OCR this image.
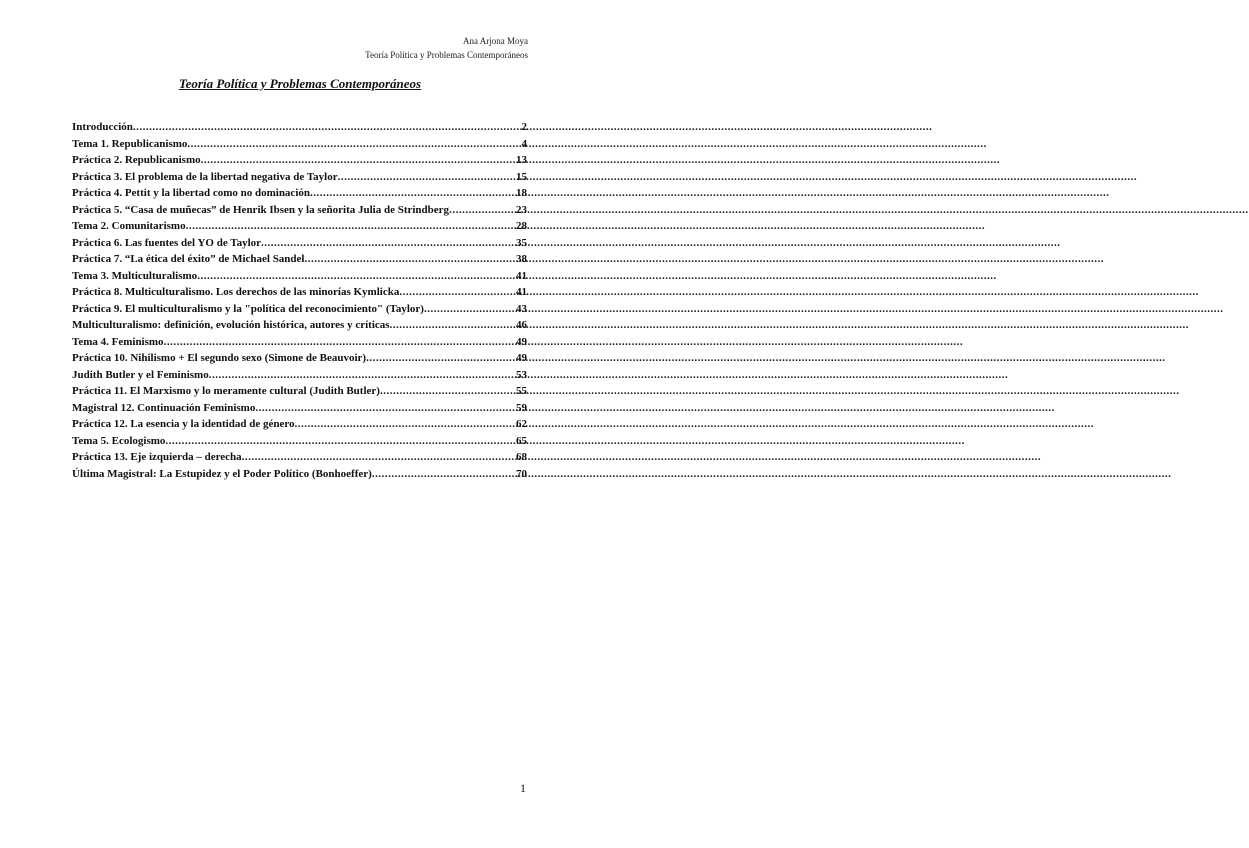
Ana Arjona Moya
Teoría Política y Problemas Contemporáneos
Teoría Política y Problemas Contemporáneos
Introducción .....	2
Tema 1. Republicanismo .....	4
Práctica 2. Republicanismo .....	13
Práctica 3. El problema de la libertad negativa de Taylor .....	15
Práctica 4. Pettit y la libertad como no dominación .....	18
Práctica 5. “Casa de muñecas” de Henrik Ibsen y la señorita Julia de Strindberg .....	23
Tema 2. Comunitarismo .....	28
Práctica 6. Las fuentes del YO de Taylor .....	35
Práctica 7. “La ética del éxito” de Michael Sandel .....	38
Tema 3. Multiculturalismo .....	41
Práctica 8. Multiculturalismo. Los derechos de las minorías Kymlicka .....	41
Práctica 9. El multiculturalismo y la "política del reconocimiento" (Taylor) .....	43
Multiculturalismo: definición, evolución histórica, autores y críticas .....	46
Tema 4. Feminismo .....	49
Práctica 10. Nihilismo + El segundo sexo (Simone de Beauvoir) .....	49
Judith Butler y el Feminismo .....	53
Práctica 11. El Marxismo y lo meramente cultural (Judith Butler) .....	55
Magistral 12. Continuación Feminismo .....	59
Práctica 12. La esencia y la identidad de género .....	62
Tema 5. Ecologismo .....	65
Práctica 13. Eje izquierda – derecha .....	68
Última Magistral: La Estupidez y el Poder Político (Bonhoeffer) .....	70
1
